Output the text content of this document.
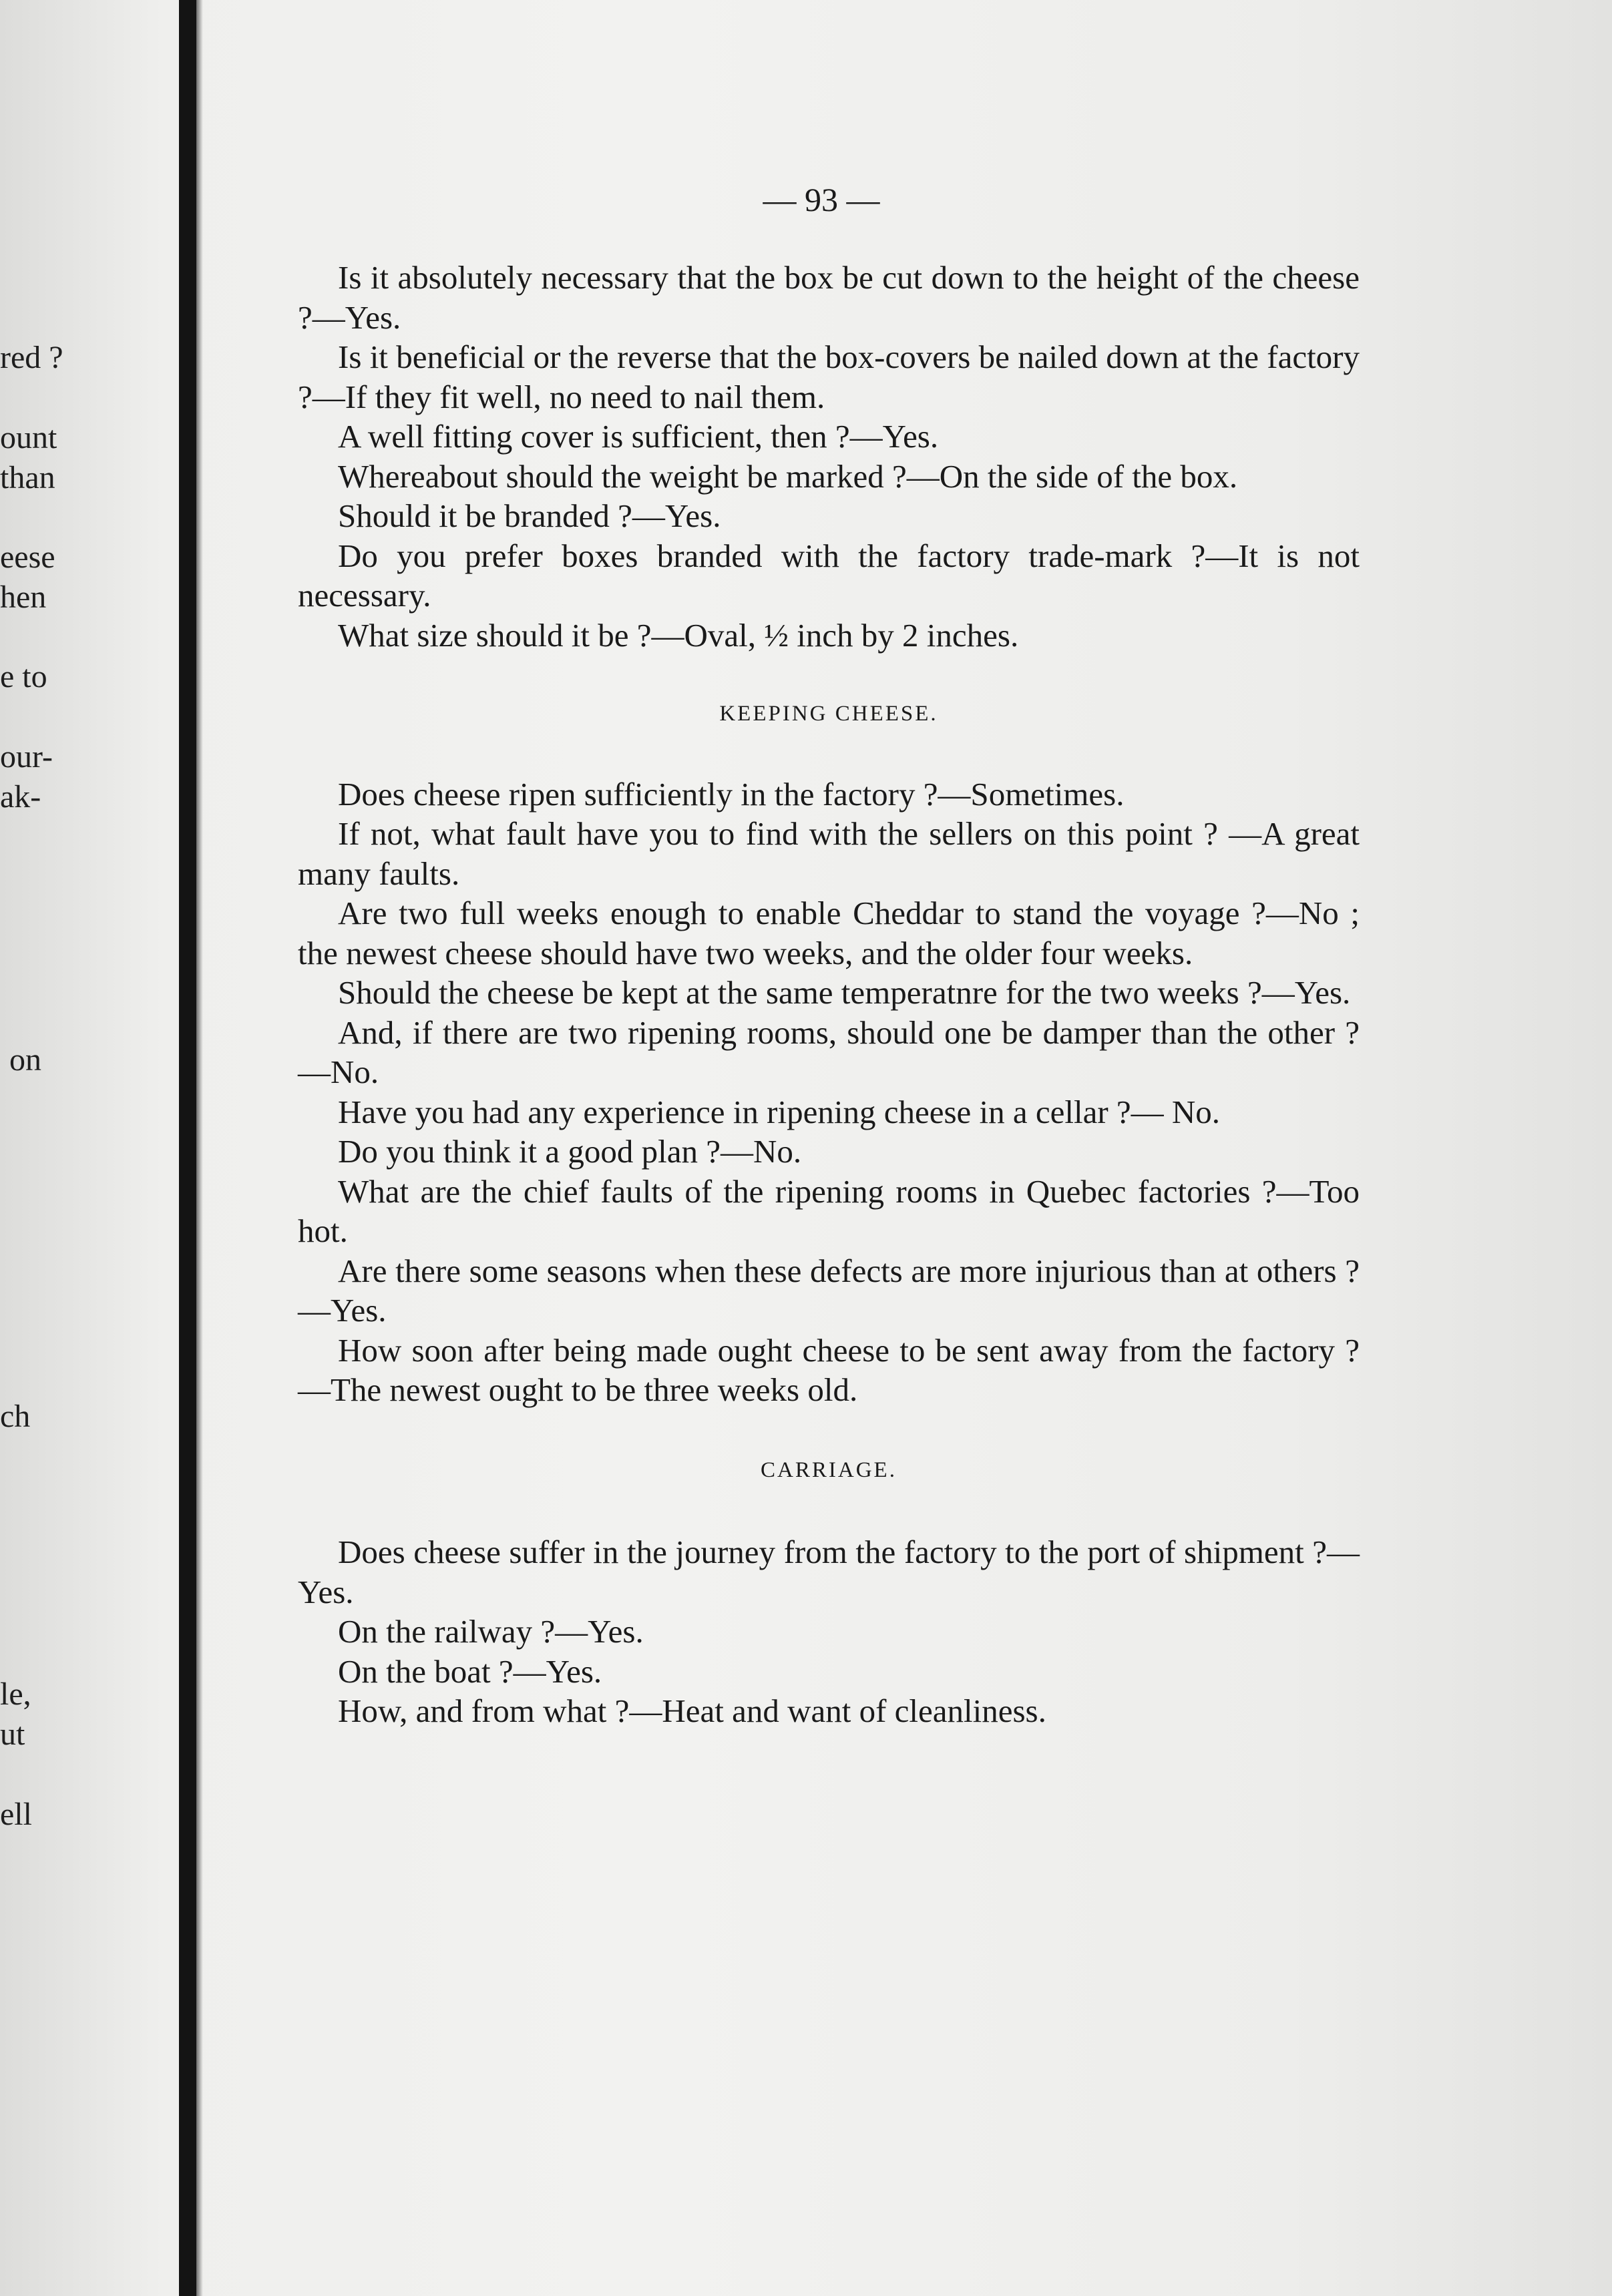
red ?
ount
than
eese
hen
e to
our-
ak-
on
ch
le,
ut
ell
— 93 —

Is it absolutely necessary that the box be cut down to the height of the cheese ?—Yes.

Is it beneficial or the reverse that the box-covers be nailed down at the factory ?—If they fit well, no need to nail them.

A well fitting cover is sufficient, then ?—Yes.

Whereabout should the weight be marked ?—On the side of the box.

Should it be branded ?—Yes.

Do you prefer boxes branded with the factory trade-mark ?—It is not necessary.

What size should it be ?—Oval, ½ inch by 2 inches.

KEEPING CHEESE.

Does cheese ripen sufficiently in the factory ?—Sometimes.

If not, what fault have you to find with the sellers on this point ? —A great many faults.

Are two full weeks enough to enable Cheddar to stand the voyage ?—No ; the newest cheese should have two weeks, and the older four weeks.

Should the cheese be kept at the same temperatnre for the two weeks ?—Yes.

And, if there are two ripening rooms, should one be damper than the other ?—No.

Have you had any experience in ripening cheese in a cellar ?— No.

Do you think it a good plan ?—No.

What are the chief faults of the ripening rooms in Quebec factories ?—Too hot.

Are there some seasons when these defects are more injurious than at others ?—Yes.

How soon after being made ought cheese to be sent away from the factory ?—The newest ought to be three weeks old.

CARRIAGE.

Does cheese suffer in the journey from the factory to the port of shipment ?—Yes.

On the railway ?—Yes.

On the boat ?—Yes.

How, and from what ?—Heat and want of cleanliness.
